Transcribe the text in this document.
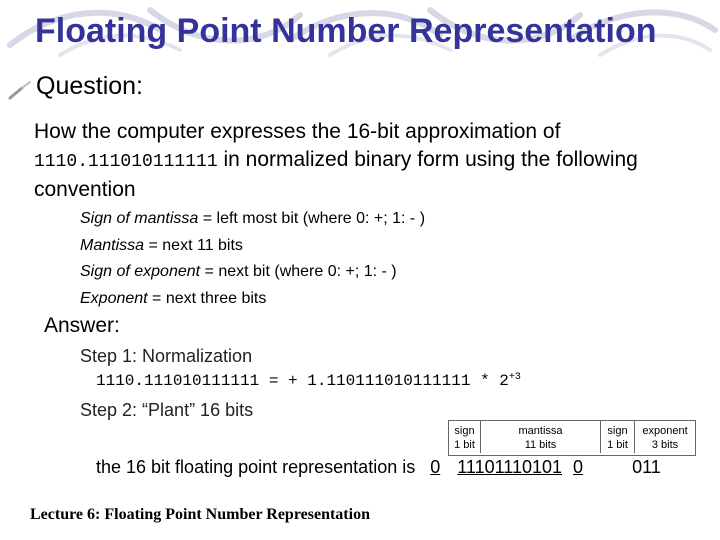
Floating Point Number Representation
Question:
How the computer expresses the 16-bit approximation of
1110.111010111111 in normalized binary form using the following convention
Sign of mantissa = left most bit (where 0: +; 1: - )
Mantissa = next 11 bits
Sign of exponent = next bit (where 0: +; 1: - )
Exponent = next three bits
Answer:
Step 1: Normalization
1110.111010111111 = + $1.110111010111111 * 2^{+3}$
Step 2: “Plant” 16 bits
sign
1 bit
mantissa
11 bits
sign
1 bit
exponent
3 bits
the 16 bit floating point representation is 0 11101110101 0	011
Lecture 6: Floating Point Number Representation
